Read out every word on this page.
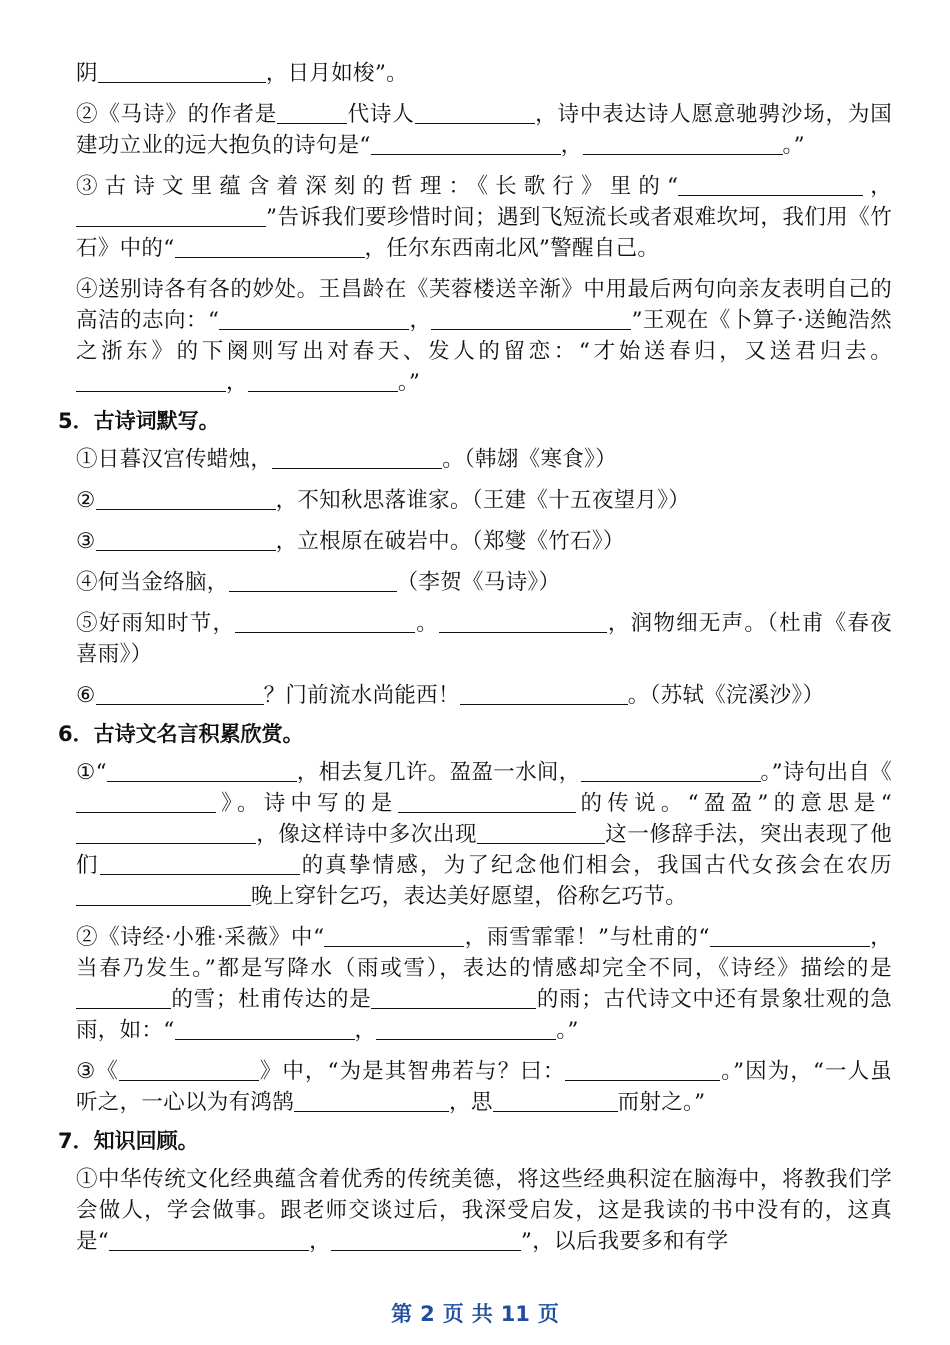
阴	，日月如梭”。

②《马诗》的作者是	代诗人	，诗中表达诗人愿意驰骋沙场，为国建功立业的远大抱负的诗句是“	，	。”

③古诗文里蕴含着深刻的哲理：《长歌行》里的“	，”告诉我们要珍惜时间；遇到飞短流长或者艰难坎坷，我们用《竹石》中的“	，任尔东西南北风”警醒自己。

④送别诗各有各的妙处。王昌龄在《芙蓉楼送辛渐》中用最后两句向亲友表明自己的高洁的志向：“	，	”王观在《卜算子·送鲍浩然之浙东》的下阕则写出对春天、发人的留恋：“才始送春归，又送君归去。，	。”

5．古诗词默写。

①日暮汉宫传蜡烛，	。（韩翃《寒食》）

②	，不知秋思落谁家。（王建《十五夜望月》）

③	，立根原在破岩中。（郑燮《竹石》）

④何当金络脑，	（李贺《马诗》）

⑤好雨知时节，	。	，润物细无声。（杜甫《春夜喜雨》）

⑥	？门前流水尚能西！	。（苏轼《浣溪沙》）

6．古诗文名言积累欣赏。

①“	，相去复几许。盈盈一水间，	。”诗句出自《》。诗中写的是	的传说。“盈盈”的意思是“，像这样诗中多次出现	这一修辞手法，突出表现了他们	的真挚情感，为了纪念他们相会，我国古代女孩会在农历晚上穿针乞巧，表达美好愿望，俗称乞巧节。

②《诗经·小雅·采薇》中“	，雨雪霏霏！”与杜甫的“	，当春乃发生。”都是写降水（雨或雪），表达的情感却完全不同，《诗经》描绘的是的雪；杜甫传达的是	的雨；古代诗文中还有景象壮观的急雨，如：“	，	。”

③《	》中，“为是其智弗若与？曰：	。”因为，“一人虽听之，一心以为有鸿鹄	，思	而射之。”

7．知识回顾。

①中华传统文化经典蕴含着优秀的传统美德，将这些经典积淀在脑海中，将教我们学会做人，学会做事。跟老师交谈过后，我深受启发，这是我读的书中没有的，这真是“	，	”，以后我要多和有学

第 2 页 共 11 页
